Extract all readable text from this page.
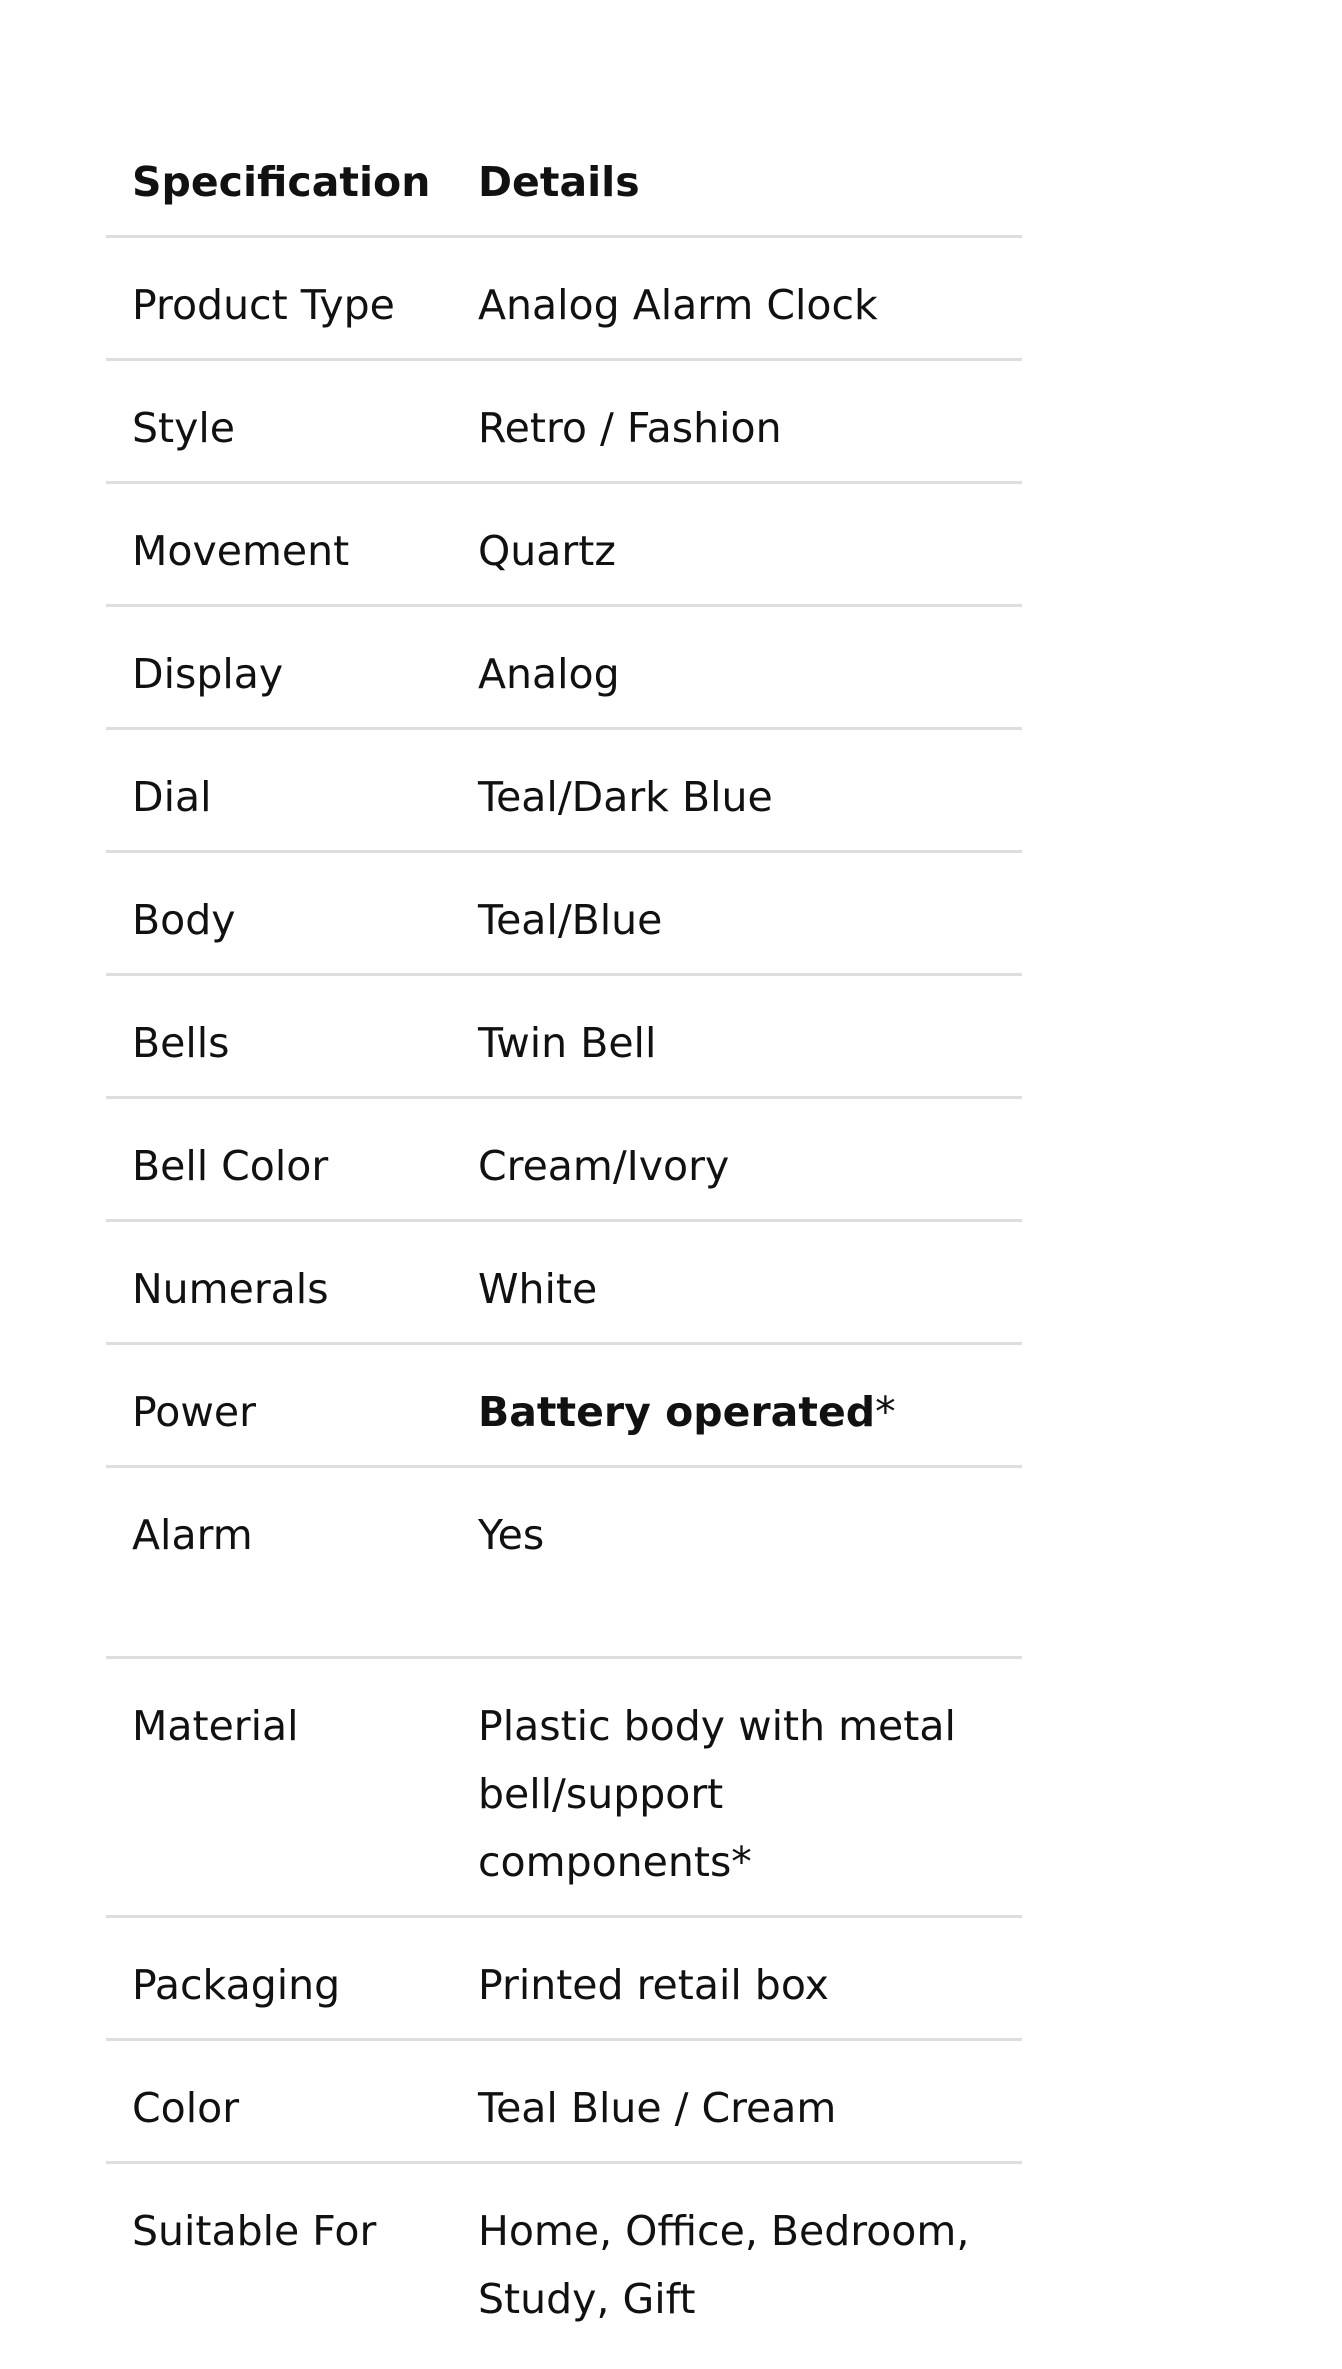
Specification	Details
Product Type	Analog Alarm Clock
Style	Retro / Fashion
Movement	Quartz
Display	Analog
Dial	Teal/Dark Blue
Body	Teal/Blue
Bells	Twin Bell
Bell Color	Cream/Ivory
Numerals	White
Power	Battery operated*
Alarm	Yes
Material	Plastic body with metal bell/support components*
Packaging	Printed retail box
Color	Teal Blue / Cream
Suitable For	Home, Office, Bedroom, Study, Gift
